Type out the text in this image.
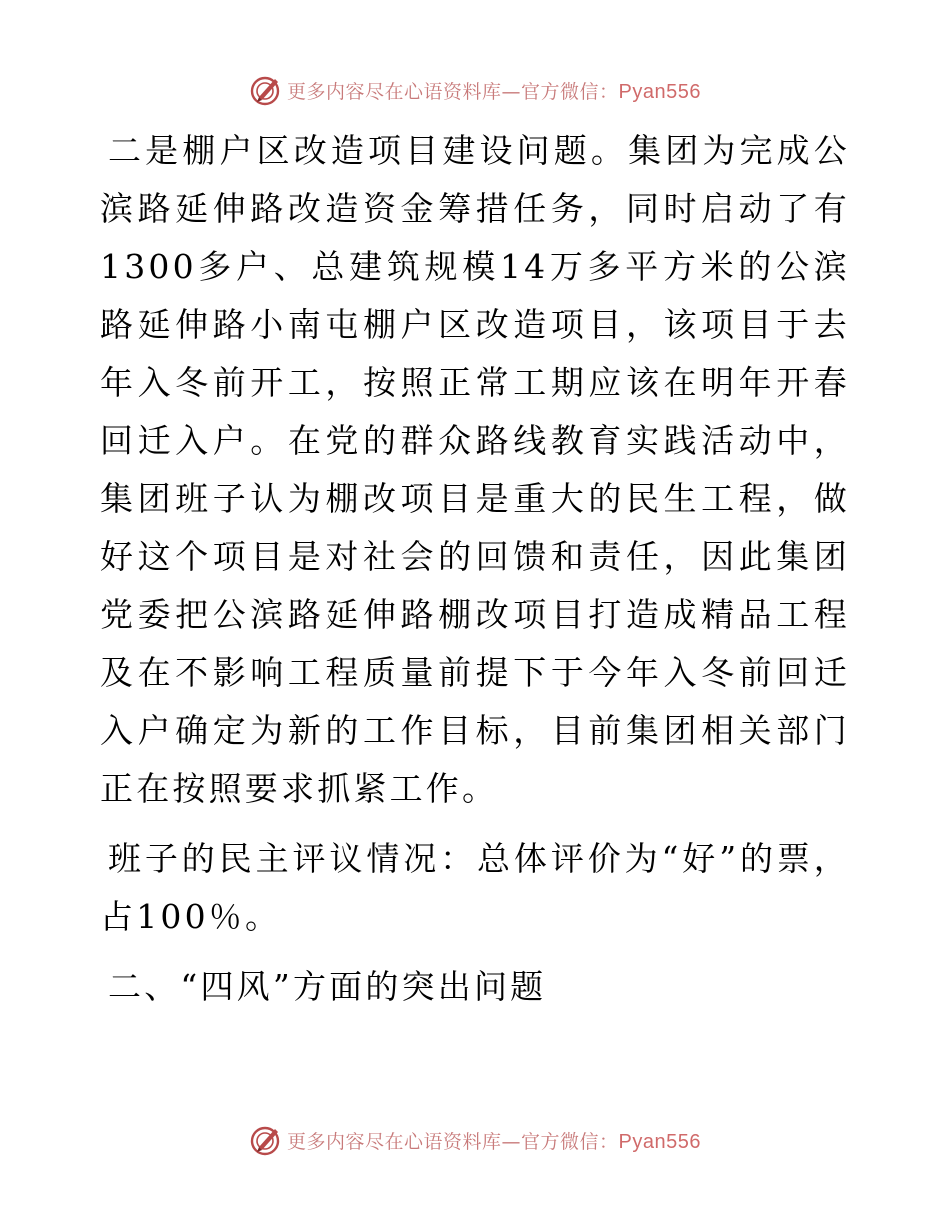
更多内容尽在心语资料库—官方微信：Pyan556

二是棚户区改造项目建设问题。集团为完成公滨路延伸路改造资金筹措任务，同时启动了有1300多户、总建筑规模14万多平方米的公滨路延伸路小南屯棚户区改造项目，该项目于去年入冬前开工，按照正常工期应该在明年开春回迁入户。在党的群众路线教育实践活动中，集团班子认为棚改项目是重大的民生工程，做好这个项目是对社会的回馈和责任，因此集团党委把公滨路延伸路棚改项目打造成精品工程及在不影响工程质量前提下于今年入冬前回迁入户确定为新的工作目标，目前集团相关部门正在按照要求抓紧工作。

班子的民主评议情况：总体评价为“好”的票，占100％。

二、“四风”方面的突出问题

更多内容尽在心语资料库—官方微信：Pyan556
